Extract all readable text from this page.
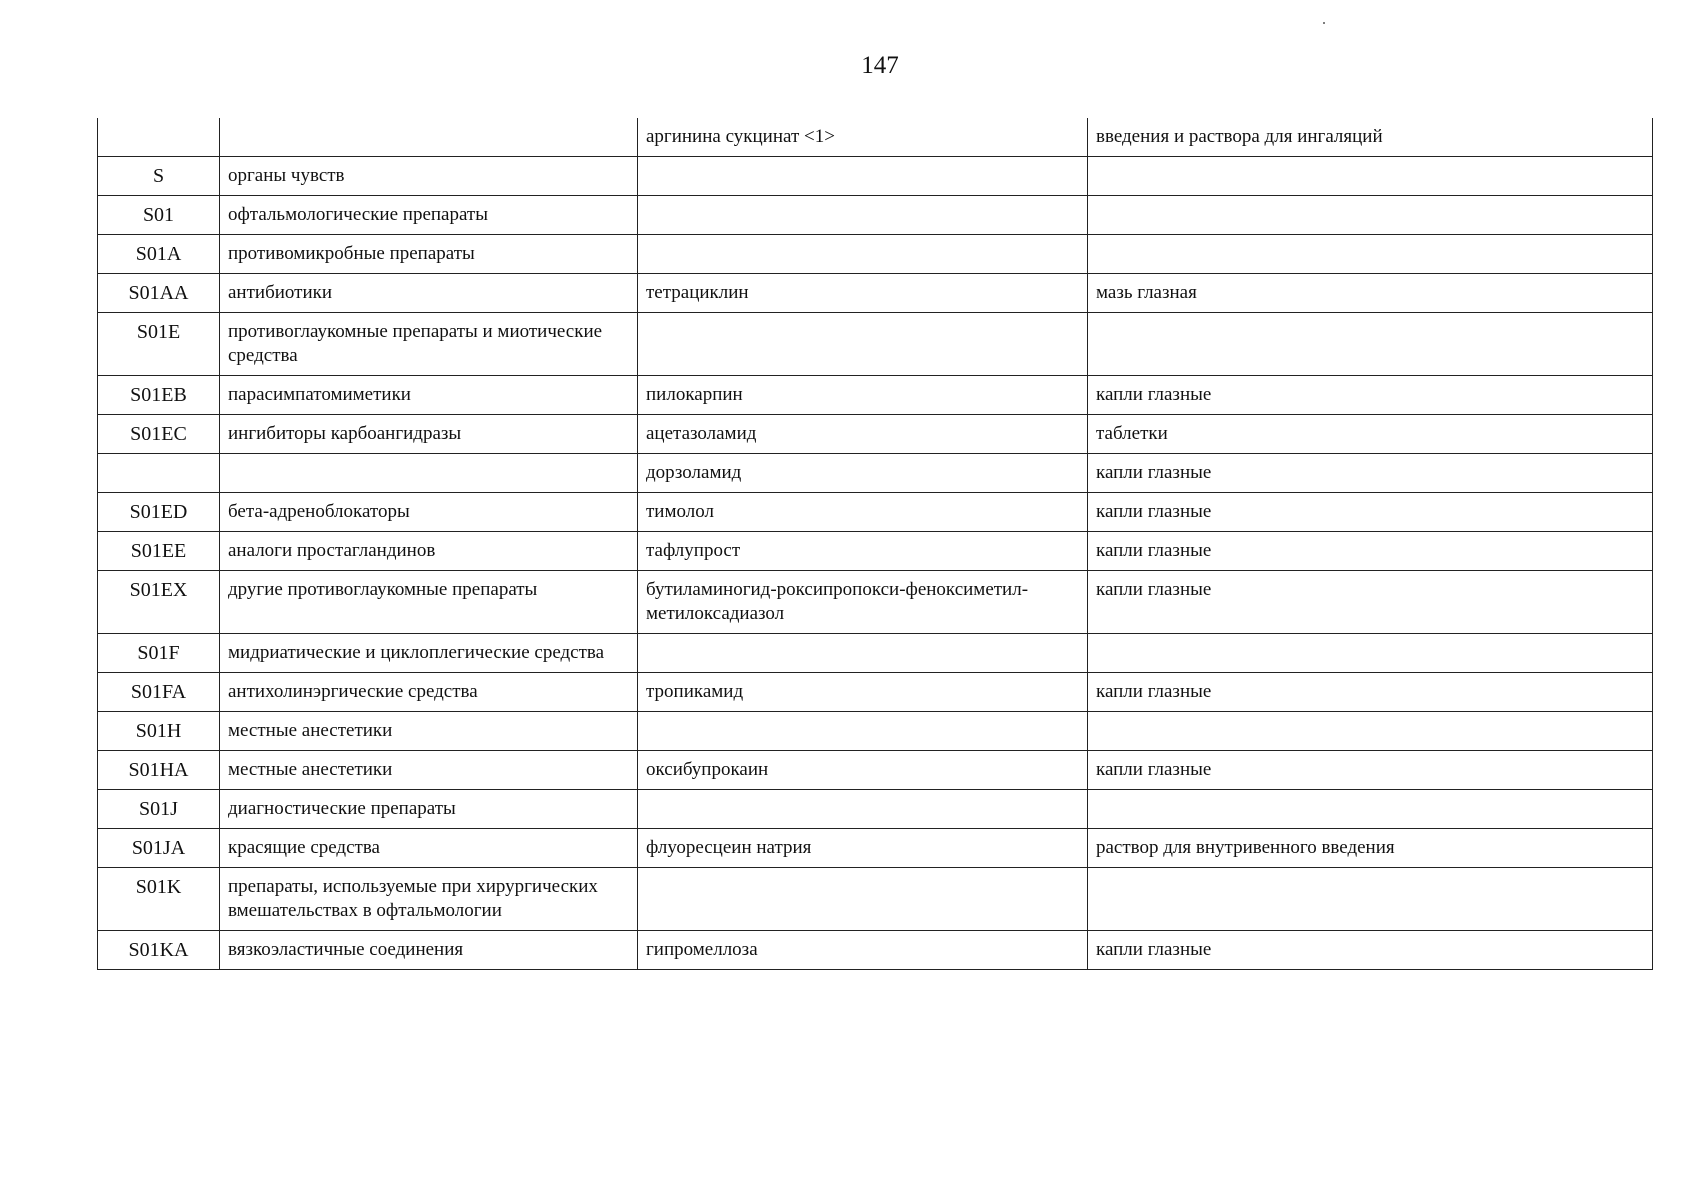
147
		аргинина сукцинат <1>	введения и раствора для ингаляций
S	органы чувств		
S01	офтальмологические препараты		
S01A	противомикробные препараты		
S01AA	антибиотики	тетрациклин	мазь глазная
S01E	противоглаукомные препараты и миотические средства		
S01EB	парасимпатомиметики	пилокарпин	капли глазные
S01EC	ингибиторы карбоангидразы	ацетазоламид	таблетки
		дорзоламид	капли глазные
S01ED	бета-адреноблокаторы	тимолол	капли глазные
S01EE	аналоги простагландинов	тафлупрост	капли глазные
S01EX	другие противоглаукомные препараты	бутиламиногид-роксипропокси-феноксиметил-метилоксадиазол	капли глазные
S01F	мидриатические и циклоплегические средства		
S01FA	антихолинэргические средства	тропикамид	капли глазные
S01H	местные анестетики		
S01HA	местные анестетики	оксибупрокаин	капли глазные
S01J	диагностические препараты		
S01JA	красящие средства	флуоресцеин натрия	раствор для внутривенного введения
S01K	препараты, используемые при хирургических вмешательствах в офтальмологии		
S01KA	вязкоэластичные соединения	гипромеллоза	капли глазные
